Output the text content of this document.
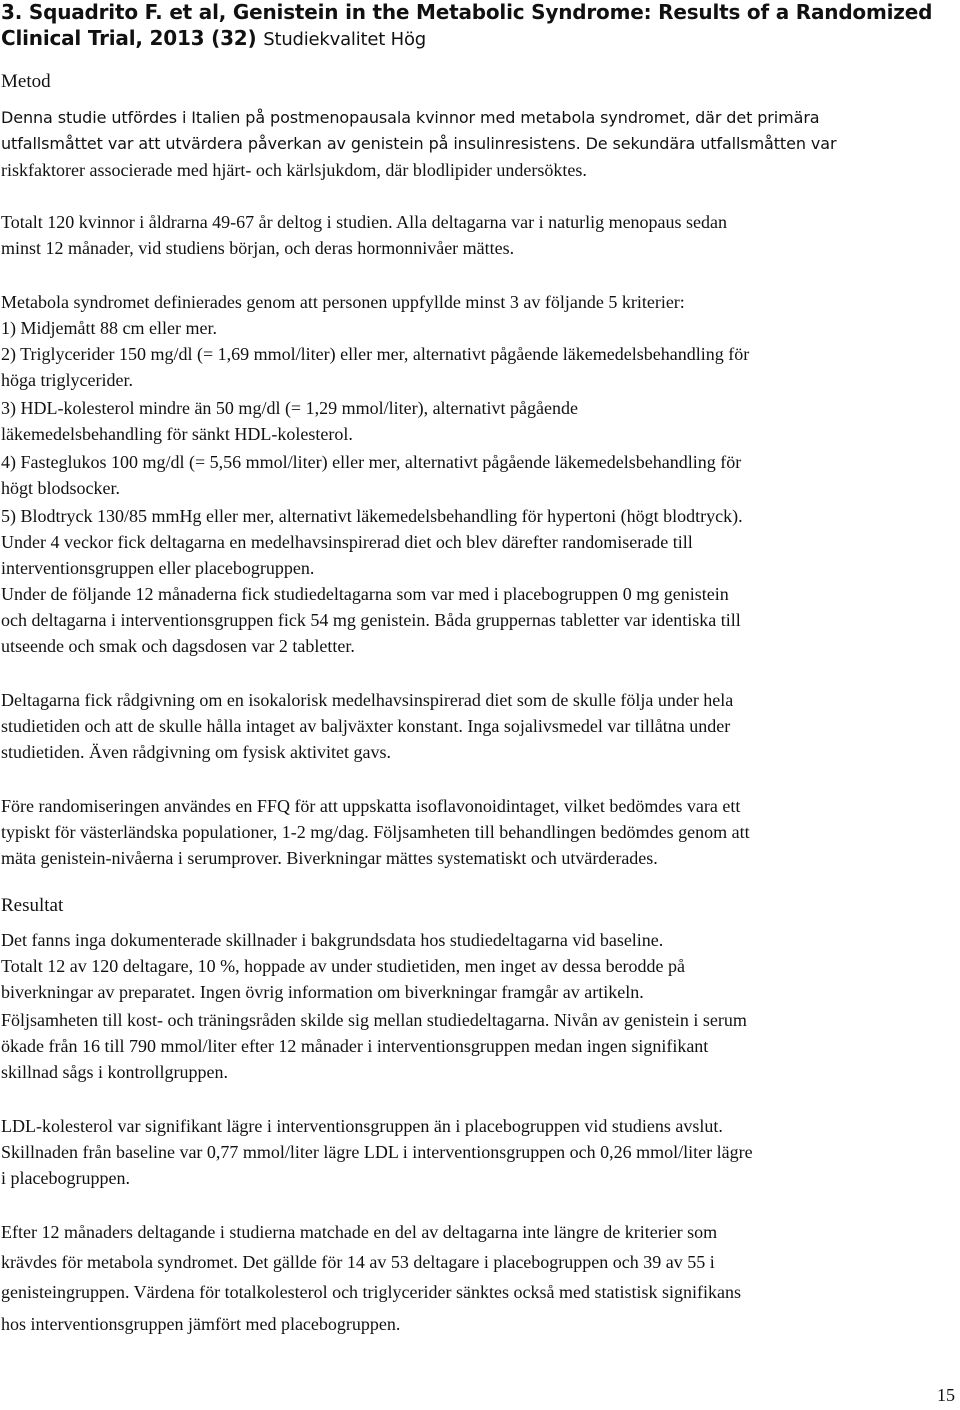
3. Squadrito F. et al, Genistein in the Metabolic Syndrome: Results of a Randomized
Clinical Trial, 2013 (32) Studiekvalitet Hög
Metod
Denna studie utfördes i Italien på postmenopausala kvinnor med metabola syndromet, där det primära
utfallsmåttet var att utvärdera påverkan av genistein på insulinresistens. De sekundära utfallsmåtten var
riskfaktorer associerade med hjärt- och kärlsjukdom, där blodlipider undersöktes.
Totalt 120 kvinnor i åldrarna 49-67 år deltog i studien. Alla deltagarna var i naturlig menopaus sedan
minst 12 månader, vid studiens början, och deras hormonnivåer mättes.
Metabola syndromet definierades genom att personen uppfyllde minst 3 av följande 5 kriterier:
1) Midjemått 88 cm eller mer.
2) Triglycerider 150 mg/dl (= 1,69 mmol/liter) eller mer, alternativt pågående läkemedelsbehandling för
höga triglycerider.
3) HDL-kolesterol mindre än 50 mg/dl (= 1,29 mmol/liter), alternativt pågående
läkemedelsbehandling för sänkt HDL-kolesterol.
4) Fasteglukos 100 mg/dl (= 5,56 mmol/liter) eller mer, alternativt pågående läkemedelsbehandling för
högt blodsocker.
5) Blodtryck 130/85 mmHg eller mer, alternativt läkemedelsbehandling för hypertoni (högt blodtryck).
Under 4 veckor fick deltagarna en medelhavsinspirerad diet och blev därefter randomiserade till
interventionsgruppen eller placebogruppen.
Under de följande 12 månaderna fick studiedeltagarna som var med i placebogruppen 0 mg genistein
och deltagarna i interventionsgruppen fick 54 mg genistein. Båda gruppernas tabletter var identiska till
utseende och smak och dagsdosen var 2 tabletter.
Deltagarna fick rådgivning om en isokalorisk medelhavsinspirerad diet som de skulle följa under hela
studietiden och att de skulle hålla intaget av baljväxter konstant. Inga sojalivsmedel var tillåtna under
studietiden. Även rådgivning om fysisk aktivitet gavs.
Före randomiseringen användes en FFQ för att uppskatta isoflavonoidintaget, vilket bedömdes vara ett
typiskt för västerländska populationer, 1-2 mg/dag. Följsamheten till behandlingen bedömdes genom att
mäta genistein-nivåerna i serumprover. Biverkningar mättes systematiskt och utvärderades.
Resultat
Det fanns inga dokumenterade skillnader i bakgrundsdata hos studiedeltagarna vid baseline.
Totalt 12 av 120 deltagare, 10 %, hoppade av under studietiden, men inget av dessa berodde på
biverkningar av preparatet. Ingen övrig information om biverkningar framgår av artikeln.
Följsamheten till kost- och träningsråden skilde sig mellan studiedeltagarna. Nivån av genistein i serum
ökade från 16 till 790 mmol/liter efter 12 månader i interventionsgruppen medan ingen signifikant
skillnad sågs i kontrollgruppen.
LDL-kolesterol var signifikant lägre i interventionsgruppen än i placebogruppen vid studiens avslut.
Skillnaden från baseline var 0,77 mmol/liter lägre LDL i interventionsgruppen och 0,26 mmol/liter lägre
i placebogruppen.
Efter 12 månaders deltagande i studierna matchade en del av deltagarna inte längre de kriterier som
krävdes för metabola syndromet. Det gällde för 14 av 53 deltagare i placebogruppen och 39 av 55 i
genisteingruppen. Värdena för totalkolesterol och triglycerider sänktes också med statistisk signifikans
hos interventionsgruppen jämfört med placebogruppen.
15
